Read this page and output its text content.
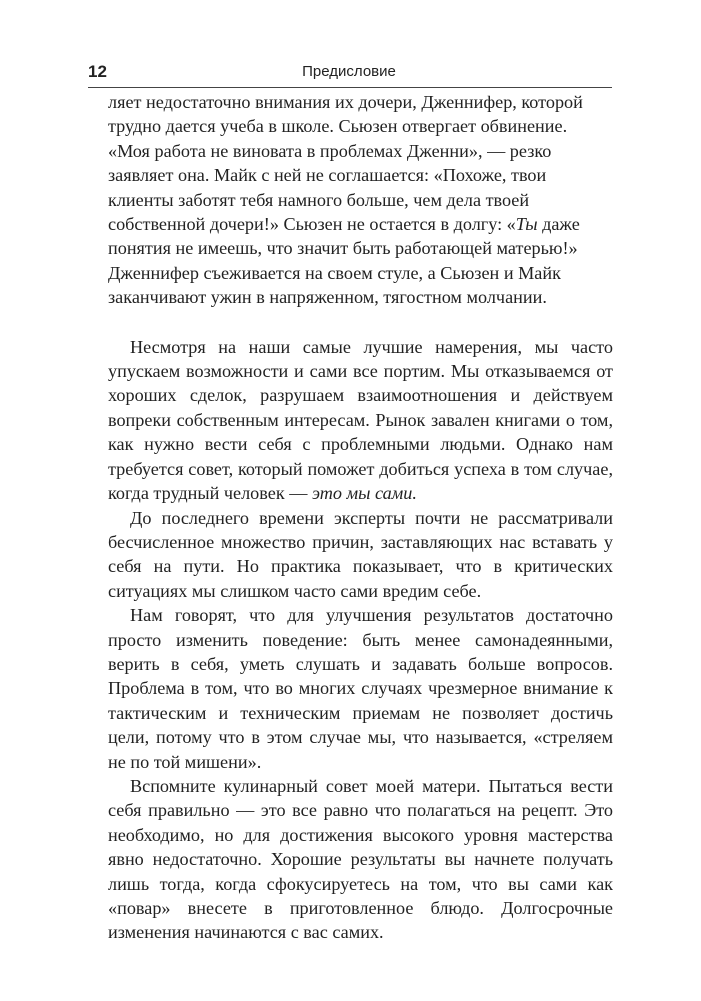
12	Предисловие

ляет недостаточно внимания их дочери, Дженнифер, которой трудно дается учеба в школе. Сьюзен отвергает обвинение. «Моя работа не виновата в проблемах Дженни», — резко заявляет она. Майк с ней не соглашается: «Похоже, твои клиенты заботят тебя намного больше, чем дела твоей собственной дочери!» Сьюзен не остается в долгу: «Ты даже понятия не имеешь, что значит быть работающей матерью!» Дженнифер съеживается на своем стуле, а Сьюзен и Майк заканчивают ужин в напряженном, тягостном молчании.

Несмотря на наши самые лучшие намерения, мы часто упускаем возможности и сами все портим. Мы отказываемся от хороших сделок, разрушаем взаимоотношения и действуем вопреки собственным интересам. Рынок завален книгами о том, как нужно вести себя с проблемными людьми. Однако нам требуется совет, который поможет добиться успеха в том случае, когда трудный человек — это мы сами.

До последнего времени эксперты почти не рассматривали бесчисленное множество причин, заставляющих нас вставать у себя на пути. Но практика показывает, что в критических ситуациях мы слишком часто сами вредим себе.

Нам говорят, что для улучшения результатов достаточно просто изменить поведение: быть менее самонадеянными, верить в себя, уметь слушать и задавать больше вопросов. Проблема в том, что во многих случаях чрезмерное внимание к тактическим и техническим приемам не позволяет достичь цели, потому что в этом случае мы, что называется, «стреляем не по той мишени».

Вспомните кулинарный совет моей матери. Пытаться вести себя правильно — это все равно что полагаться на рецепт. Это необходимо, но для достижения высокого уровня мастерства явно недостаточно. Хорошие результаты вы начнете получать лишь тогда, когда сфокусируетесь на том, что вы сами как «повар» внесете в приготовленное блюдо. Долгосрочные изменения начинаются с вас самих.
